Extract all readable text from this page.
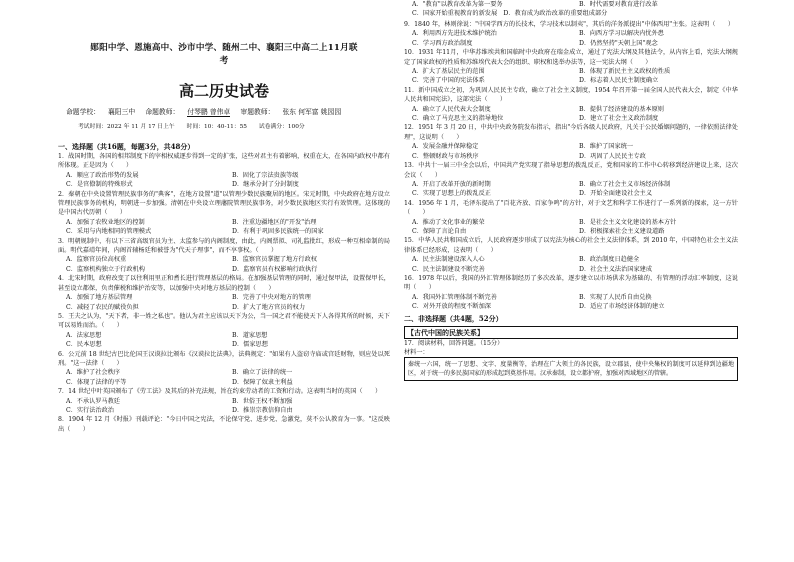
郧阳中学、恩施高中、沙市中学、随州二中、襄阳三中高二上11月联
考
高二历史试卷
命题学校： 襄阳三中 命题教师： 付琴鹏 曾伟卓 审题教师： 张东 何军富 姚园园
考试时间：2022 年 11 月 17 日上午 时间：10：40-11：55 试卷满分：100分
一、选择题（共16题，每题3分，共48分）
1．战国时期，各国的相邦制度下的宰相权威逐步得到一定的扩张，这些对君主有着影响，权重在大，在各国内政权中都有所体现。正是因为（　　）
A．顺应了政治形势的发展	B．固化了宗法贵族等级
C．是官僚制的特殊形式	D．继承分封了分封制度
2．秦朝在中央设置管理民族事务的"典客"，在地方设置"道"以管理少数民族聚居的地区。宋元时期，中央政府在地方设立管理民族事务的机构，明朝进一步加强。清朝在中央设立理藩院管理民族事务，对少数民族地区实行有效管理。这体现的是中国古代历朝（　　）
A．加强了农牧业地区的控制	B．注重边疆地区的"开发"治理
C．采用与内地相同的管理模式	D．有利于巩固多民族统一的国家
3．明朝规制中，有以下三省高级官员为主、太监参与的内阁制度，由此，内阁票拟、司礼监批红，形成一种互相牵制的局面。明代嘉靖年间，内阁首辅杨廷和被誉为"代天子理事"，而不享事权。（　　）
A．监察官员位高权重	B．监察官员掌握了地方行政权
C．监察机构独立于行政机构	D．监察官员有权影响行政执行
4．北宋时期，政府改变了以往利用里正和耆长进行管理基层的格局。在加强基层管理的同时，通过保甲法，设置保甲长，甚至设立都保，负责催税和维护治安等，以加强中央对地方基层的控制（　　）
A．加强了地方基层管理	B．完善了中央对地方的管理
C．减轻了农民的赋役负担	D．扩大了地方官员的权力
5．王夫之认为，"天下者，非一姓之私也"。他认为君主应该以天下为公，当一国之君不能使天下人各得其所的时候，天下可以易姓而治。（　　）
A．法家思想	B．道家思想
C．民本思想	D．儒家思想
6．公元前 18 世纪古巴比伦国王汉谟拉比颁布《汉谟拉比法典》，法典规定："如果有人盗窃寺庙或宫廷财物，则应处以死刑。"这一法律（　　）
A．维护了社会秩序	B．确立了法律的统一
C．体现了法律的平等	D．保障了奴隶主利益
7．14 世纪中叶英国颁布了《劳工法》及其后的补充法规，旨在约束劳动者的工资和行动。这表明当时的英国（　　）
A．不承认罗马教廷	B．世俗王权不断加强
C．实行法治政治	D．推崇宗教信仰自由
8．1904 年 12 月《时报》刊载评论："今日中国之宪法，不论保守党、进步党、急激党，莫不公认教育为一事。"这反映出（　　）
A．"教育"以教育改革为第一要务	B．时代需要对教育进行改革
C．国家开始重视教育的新发展　D．教育成为政治改革的重要组成部分
9．1840 年，林则徐说："中国学西方的长技术，学习技术以制夷"，其后的洋务派提出"中体西用"主张。这表明（　　）
A．利用西方先进技术维护统治	B．向西方学习以解决内忧外患
C．学习西方政治制度	D．仍然坚持"天朝上国"观念
10．1931 年11月，中华苏维埃共和国临时中央政府在瑞金成立，通过了宪法大纲及其他法令，从内容上看，宪法大纲规定了国家政权的性质和苏维埃代表大会的组织、职权和选举办法等，这一宪法大纲（　　）
A．扩大了基层民主的范围	B．体现了新民主主义政权的性质
C．完善了中国的宪法体系	D．标志着人民民主制度确立
11．新中国成立之初，为巩固人民民主专政，确立了社会主义制度，1954 年召开第一届全国人民代表大会，制定《中华人民共和国宪法》，这部宪法（　　）
A．确立了人民代表大会制度	B．提供了经济建设的基本原则
C．确立了马克思主义的指导地位	D．建立了社会主义政治制度
12．1951 年 3 月 20 日，中共中央政务院发布指示，指出"今后各级人民政府，凡关于公民婚姻问题的，一律依照法律处理"，这说明（　　）
A．发展金融并保障稳定	B．维护了国家统一
C．整顿财政与市场秩序	D．巩固了人民民主专政
13．中共十一届三中全会以后，中国共产党实现了指导思想的拨乱反正，党和国家的工作中心转移到经济建设上来，这次会议（　　）
A．开启了改革开放的新时期	B．确立了社会主义市场经济体制
C．实现了思想上的拨乱反正	D．开始全面建设社会主义
14．1956 年 1 月，毛泽东提出了"百花齐放、百家争鸣"的方针，对于文艺和科学工作进行了一系列新的探索，这一方针（　　）
A．推动了文化事业的繁荣	B．是社会主义文化建设的基本方针
C．保障了言论自由	D．积极探索社会主义建设道路
15．中华人民共和国成立后，人民政府逐步形成了以宪法为核心的社会主义法律体系，到 2010 年，中国特色社会主义法律体系已经形成，这表明（　　）
A．民主法制建设深入人心	B．政治制度日趋健全
C．民主法制建设不断完善	D．社会主义法治国家建成
16．1978 年以后，我国的外汇管理体制经历了多次改革，逐步建立以市场供求为基础的、有管理的浮动汇率制度，这说明（　　）
A．我国外汇管理体制不断完善	B．实现了人民币自由兑换
C．对外开放的程度不断加深	D．适应了市场经济体制的建立
二、非选择题（共4题，52分）
【古代中国的民族关系】
17．阅读材料，回答问题。（15分）
材料一：
秦统一六国，统一了思想、文字、度量衡等，治理在广大领土的各民族，设立郡县，使中央集权的制度可以延伸到边疆地区，对于统一的多民族国家的形成起到奠基作用。汉承秦制，设立都护府，加强对西域地区的管辖。
